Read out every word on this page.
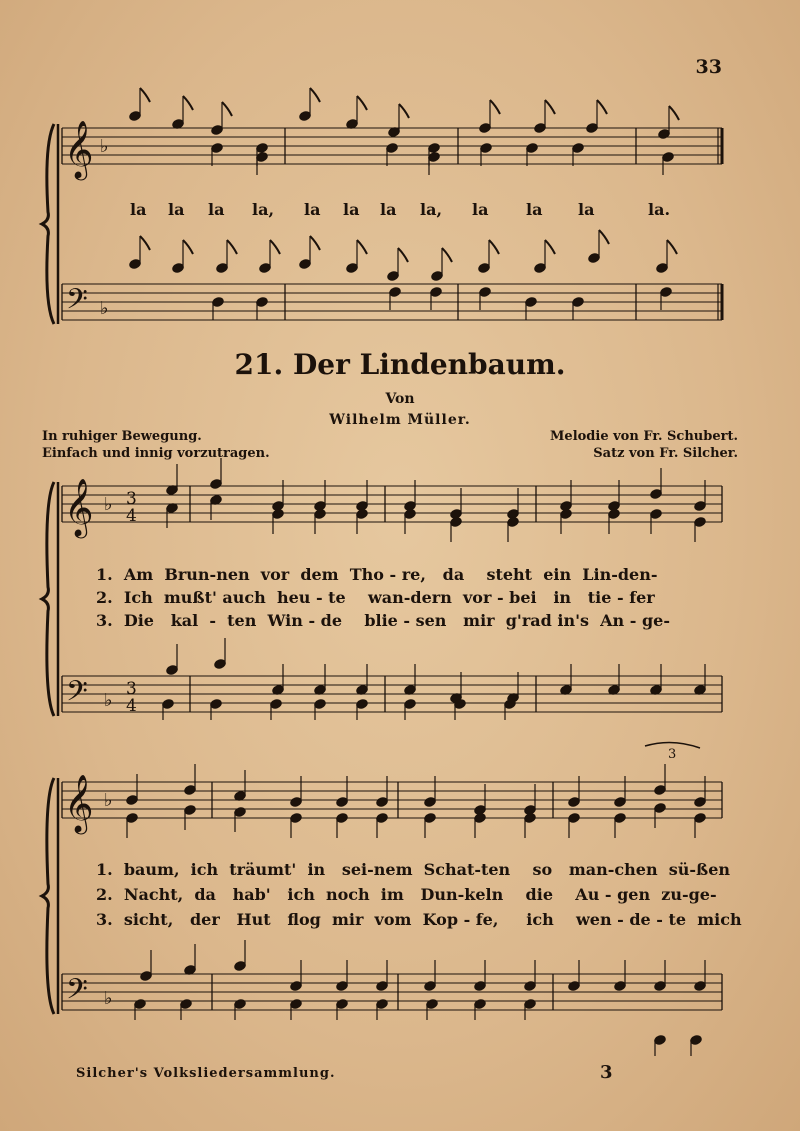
33
𝄞
𝄢
♭
♭
𝄞
𝄢
♭
♭
3
4
3
4
𝄞
𝄢
♭
♭
3
la la la la, la la la la, la la la	la.
21. Der Lindenbaum.
Von
Wilhelm Müller.
In ruhiger Bewegung.
Einfach und innig vorzutragen.
Melodie von Fr. Schubert.
Satz von Fr. Silcher.
1.  Am  Brun-nen  vor  dem  Tho - re,   da    steht  ein  Lin-den-
2.  Ich  mußt' auch  heu - te    wan-dern  vor - bei   in   tie - fer
3.  Die   kal  -  ten  Win - de    blie - sen   mir  g'rad in's  An - ge-
1.  baum,  ich  träumt'  in   sei-nem  Schat-ten    so   man-chen  sü-ßen
2.  Nacht,  da   hab'   ich  noch  im   Dun-keln    die    Au - gen  zu-ge-
3.  sicht,   der   Hut   flog  mir  vom  Kop - fe,     ich    wen - de - te  mich
Silcher's Volksliedersammlung.	3
